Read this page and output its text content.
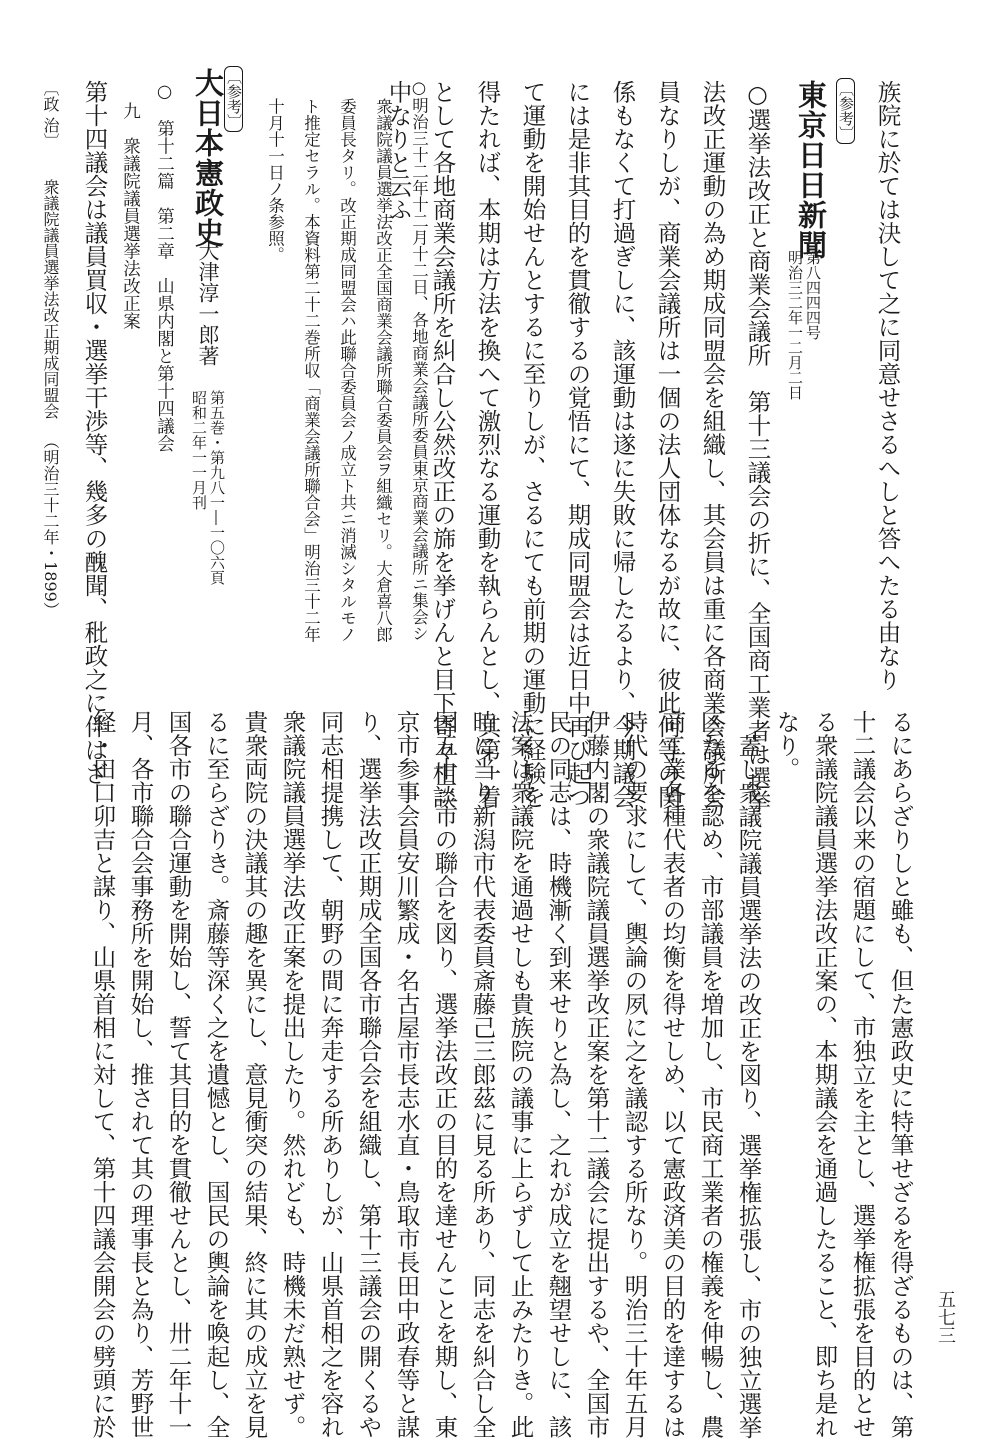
族院に於ては決して之に同意せさるへしと答へたる由なり
〔参考〕
東京日日新聞
第八四四四号
明治三二年一二月二日
○選挙法改正と商業会議所　第十三議会の折に、全国商工業者は選挙
法改正運動の為め期成同盟会を組織し、其会員は重に各商業会議所会
員なりしが、商業会議所は一個の法人団体なるが故に、彼此何等の関
係もなくて打過ぎしに、該運動は遂に失敗に帰したるより、今期議会
には是非其目的を貫徹するの覚悟にて、期成同盟会は近日中再び起つ
て運動を開始せんとするに至りしが、さるにても前期の運動に経験を
得たれば、本期は方法を換へて激烈なる運動を執らんとし、其第一着
として各地商業会議所を糾合し公然改正の旆を挙げんと目下寄々相談
中なりと云ふ
○明治三十二年十二月十二日、各地商業会議所委員東京商業会議所ニ集会シ
衆議院議員選挙法改正全国商業会議所聯合委員会ヲ組織セリ。大倉喜八郎
委員長タリ。改正期成同盟会ハ此聯合委員会ノ成立ト共ニ消滅シタルモノ
ト推定セラル。本資料第二十二巻所収「商業会議所聯合会」明治三十二年
十月十一日ノ条参照。
〔参考〕
大日本憲政史
大津淳一郎著
第五巻・第九八一―一〇六頁
昭和二年一一月刊
○　第十二篇　第二章　山県内閣と第十四議会
九　衆議院議員選挙法改正案
第十四議会は議員買収・選挙干渉等、幾多の醜聞、秕政之に伴はざ
〔政 治〕衆議院議員選挙法改正期成同盟会（明治三十二年・1899）
るにあらざりしと雖も、但た憲政史に特筆せざるを得ざるものは、第
十二議会以来の宿題にして、市独立を主とし、選挙権拡張を目的とせ
る衆議院議員選挙法改正案の、本期議会を通過したること、即ち是れ
なり。
蓋し衆議院議員選挙法の改正を図り、選挙権拡張し、市の独立選挙
区たるを認め、市部議員を増加し、市民商工業者の権義を伸暢し、農
商工業各種代表者の均衡を得せしめ、以て憲政済美の目的を達するは
時代の要求にして、輿論の夙に之を議認する所なり。明治三十年五月
伊藤内閣の衆議院議員選挙改正案を第十二議会に提出するや、全国市
民の同志は、時機漸く到来せりと為し、之れが成立を翹望せしに、該
法案は衆議院を通過せしも貴族院の議事に上らずして止みたりき。此
時に当り新潟市代表委員斎藤己三郎茲に見る所あり、同志を糾合し全
国五十三市の聯合を図り、選挙法改正の目的を達せんことを期し、東
京市参事会員安川繁成・名古屋市長志水直・鳥取市長田中政春等と謀
り、選挙法改正期成全国各市聯合会を組織し、第十三議会の開くるや
同志相提携して、朝野の間に奔走する所ありしが、山県首相之を容れ
衆議院議員選挙法改正案を提出したり。然れども、時機未だ熟せず。
貴衆両院の決議其の趣を異にし、意見衝突の結果、終に其の成立を見
るに至らざりき。斎藤等深く之を遺憾とし、国民の輿論を喚起し、全
国各市の聯合運動を開始し、誓て其目的を貫徹せんとし、卅二年十一
月、各市聯合会事務所を開始し、推されて其の理事長と為り、芳野世
経・田口卯吉と謀り、山県首相に対して、第十四議会開会の劈頭に於	五七三
